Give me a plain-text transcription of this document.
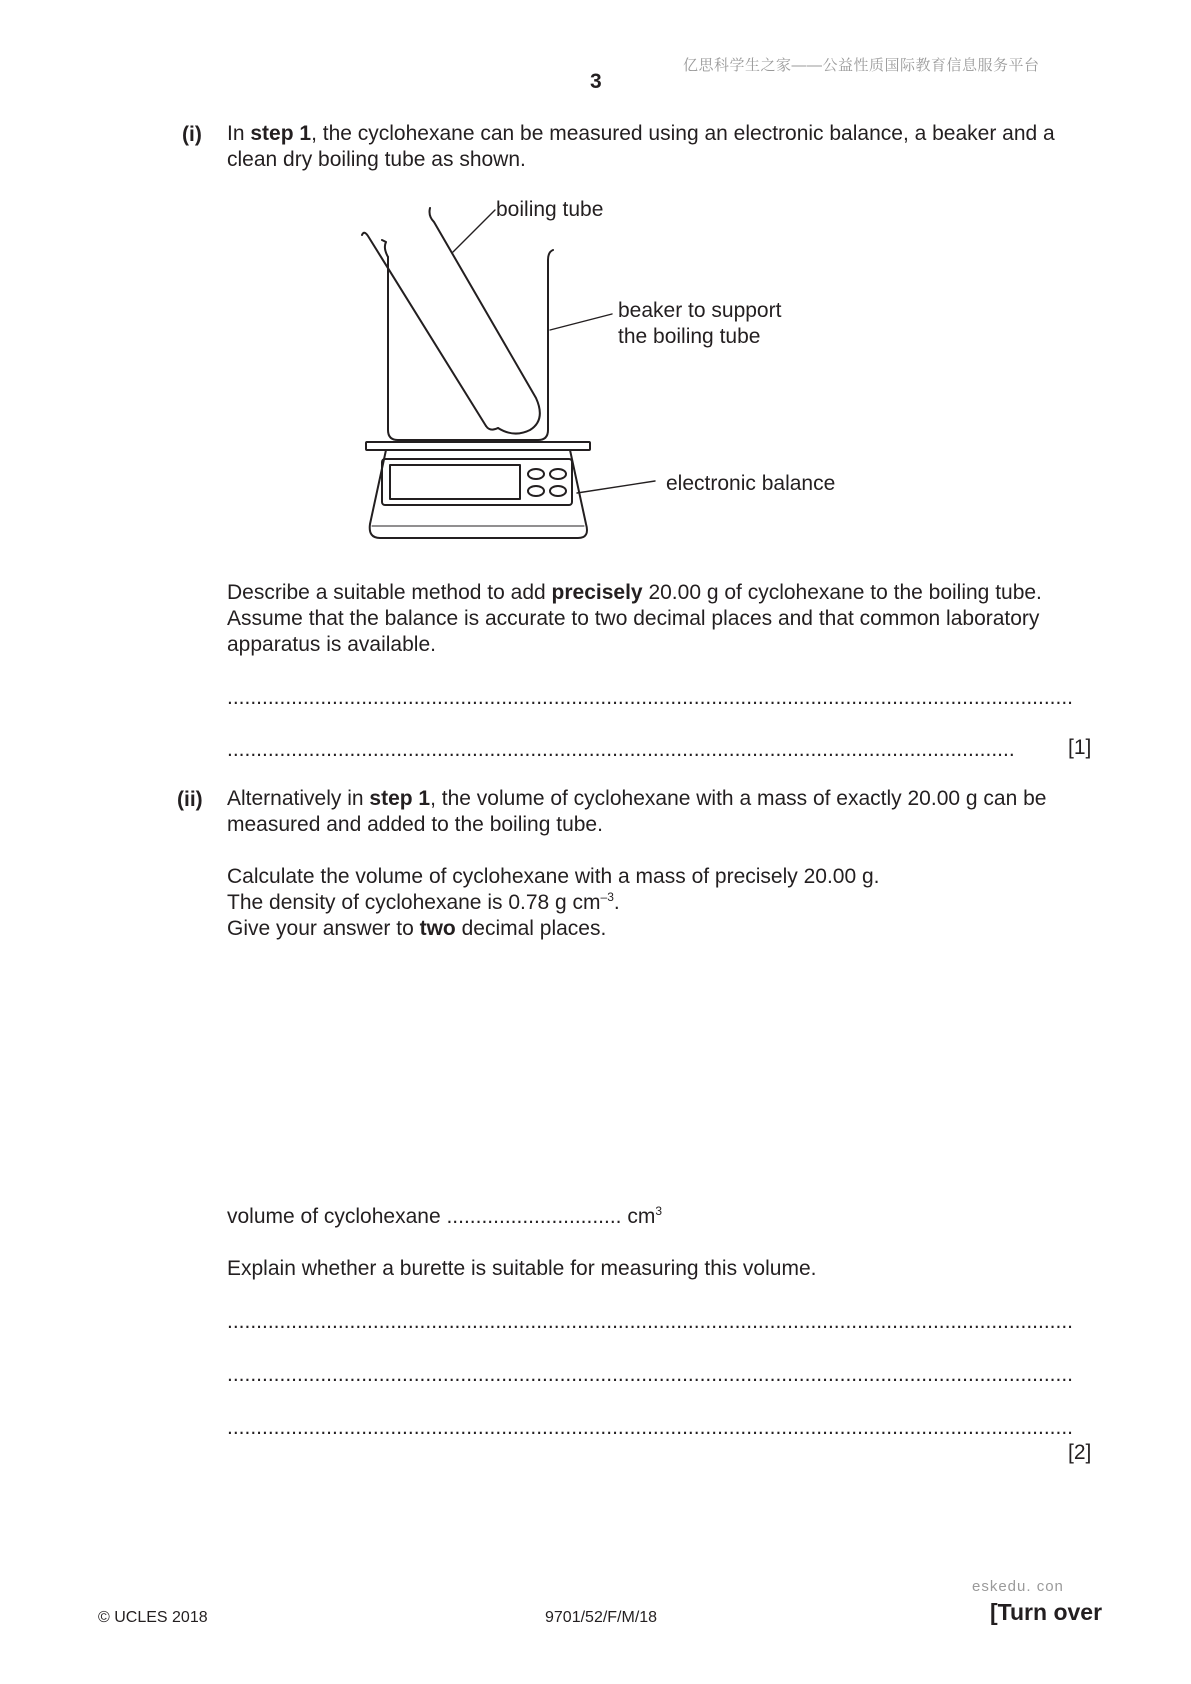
亿思科学生之家——公益性质国际教育信息服务平台
3
(i) In step 1, the cyclohexane can be measured using an electronic balance, a beaker and a clean dry boiling tube as shown.
boiling tube
beaker to support
the boiling tube
electronic balance
Describe a suitable method to add precisely 20.00 g of cyclohexane to the boiling tube.
Assume that the balance is accurate to two decimal places and that common laboratory apparatus is available.
.................................................................................................................................................
.......................................................................................................................................	[1]
(ii) Alternatively in step 1, the volume of cyclohexane with a mass of exactly 20.00 g can be measured and added to the boiling tube.
Calculate the volume of cyclohexane with a mass of precisely 20.00 g.
The density of cyclohexane is 0.78 g $cm^{-3}$.
Give your answer to two decimal places.
volume of cyclohexane .............................. $cm^3$
Explain whether a burette is suitable for measuring this volume.
.................................................................................................................................................
.................................................................................................................................................
.................................................................................................................................................
[2]
eskedu. con
© UCLES 2018	9701/52/F/M/18	[Turn over
